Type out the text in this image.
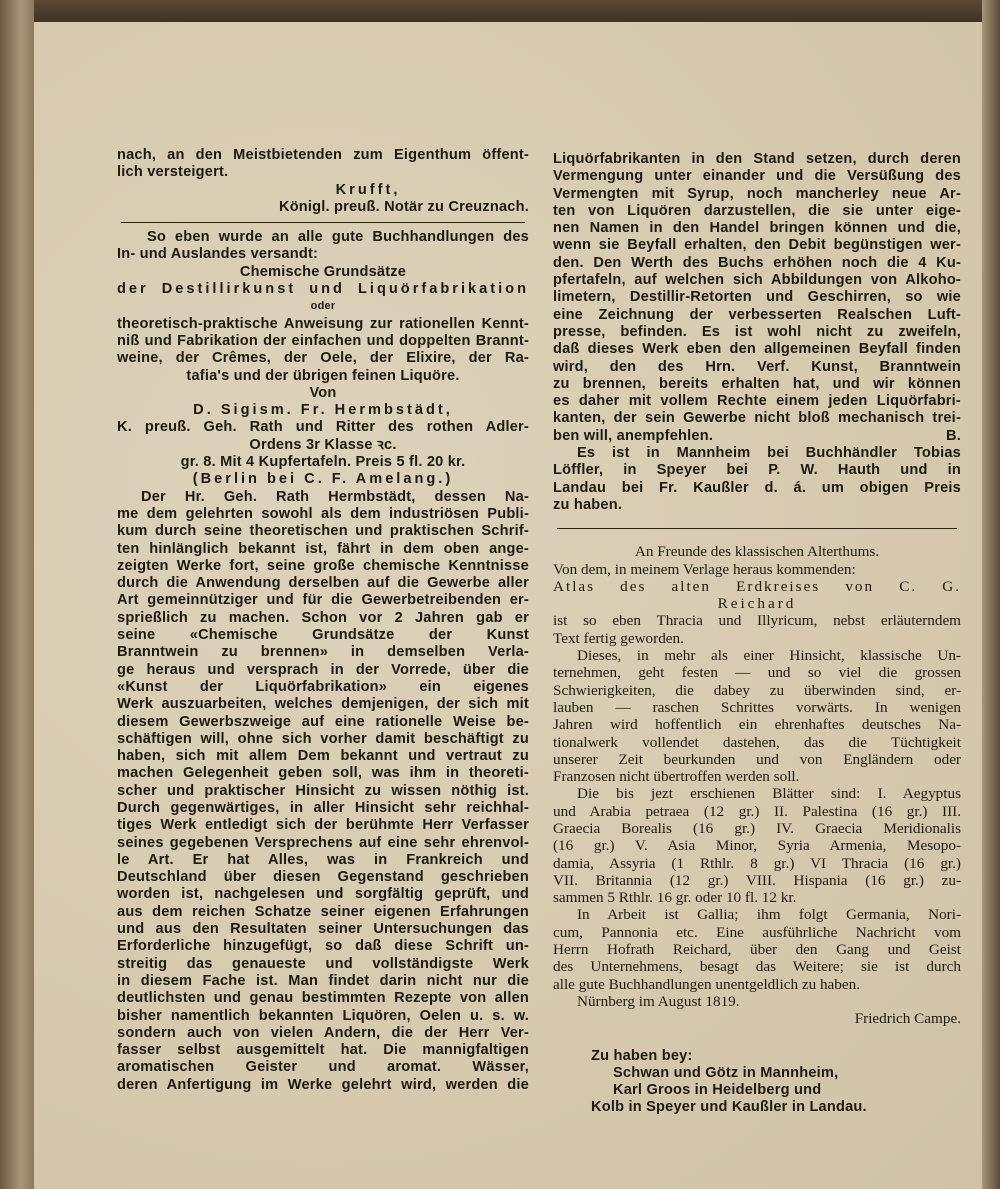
nach, an den Meistbietenden zum Eigenthum öffent-
lich versteigert.
Krufft,
Königl. preuß. Notär zu Creuznach.
So eben wurde an alle gute Buchhandlungen des
In- und Auslandes versandt:
Chemische Grundsätze
der Destillirkunst und Liquörfabrikation
oder
theoretisch-praktische Anweisung zur rationellen Kennt-
niß und Fabrikation der einfachen und doppelten Brannt-
weine, der Crêmes, der Oele, der Elixire, der Ra-
tafia's und der übrigen feinen Liquöre.
Von
D. Sigism. Fr. Hermbstädt,
K. preuß. Geh. Rath und Ritter des rothen Adler-
Ordens 3r Klasse ꝛc.
gr. 8. Mit 4 Kupfertafeln. Preis 5 fl. 20 kr.
(Berlin bei C. F. Amelang.)
Der Hr. Geh. Rath Hermbstädt, dessen Na-
me dem gelehrten sowohl als dem industriösen Publi-
kum durch seine theoretischen und praktischen Schrif-
ten hinlänglich bekannt ist, fährt in dem oben ange-
zeigten Werke fort, seine große chemische Kenntnisse
durch die Anwendung derselben auf die Gewerbe aller
Art gemeinnütziger und für die Gewerbetreibenden er-
sprießlich zu machen. Schon vor 2 Jahren gab er
seine «Chemische Grundsätze der Kunst
Branntwein zu brennen» in demselben Verla-
ge heraus und versprach in der Vorrede, über die
«Kunst der Liquörfabrikation» ein eigenes
Werk auszuarbeiten, welches demjenigen, der sich mit
diesem Gewerbszweige auf eine rationelle Weise be-
schäftigen will, ohne sich vorher damit beschäftigt zu
haben, sich mit allem Dem bekannt und vertraut zu
machen Gelegenheit geben soll, was ihm in theoreti-
scher und praktischer Hinsicht zu wissen nöthig ist.
Durch gegenwärtiges, in aller Hinsicht sehr reichhal-
tiges Werk entledigt sich der berühmte Herr Verfasser
seines gegebenen Versprechens auf eine sehr ehrenvol-
le Art. Er hat Alles, was in Frankreich und
Deutschland über diesen Gegenstand geschrieben
worden ist, nachgelesen und sorgfältig geprüft, und
aus dem reichen Schatze seiner eigenen Erfahrungen
und aus den Resultaten seiner Untersuchungen das
Erforderliche hinzugefügt, so daß diese Schrift un-
streitig das genaueste und vollständigste Werk
in diesem Fache ist. Man findet darin nicht nur die
deutlichsten und genau bestimmten Rezepte von allen
bisher namentlich bekannten Liquören, Oelen u. s. w.
sondern auch von vielen Andern, die der Herr Ver-
fasser selbst ausgemittelt hat. Die mannigfaltigen
aromatischen Geister und aromat. Wässer,
deren Anfertigung im Werke gelehrt wird, werden die
Liquörfabrikanten in den Stand setzen, durch deren
Vermengung unter einander und die Versüßung des
Vermengten mit Syrup, noch mancherley neue Ar-
ten von Liquören darzustellen, die sie unter eige-
nen Namen in den Handel bringen können und die,
wenn sie Beyfall erhalten, den Debit begünstigen wer-
den. Den Werth des Buchs erhöhen noch die 4 Ku-
pfertafeln, auf welchen sich Abbildungen von Alkoho-
limetern, Destillir-Retorten und Geschirren, so wie
eine Zeichnung der verbesserten Realschen Luft-
presse, befinden. Es ist wohl nicht zu zweifeln,
daß dieses Werk eben den allgemeinen Beyfall finden
wird, den des Hrn. Verf. Kunst, Branntwein
zu brennen, bereits erhalten hat, und wir können
es daher mit vollem Rechte einem jeden Liquörfabri-
kanten, der sein Gewerbe nicht bloß mechanisch trei-
ben will, anempfehlen.	B.
Es ist in Mannheim bei Buchhändler Tobias
Löffler, in Speyer bei P. W. Hauth und in
Landau bei Fr. Kaußler d. á. um obigen Preis
zu haben.
An Freunde des klassischen Alterthums.
Von dem, in meinem Verlage heraus kommenden:
Atlas des alten Erdkreises von C. G.
Reichard
ist so eben Thracia und Illyricum, nebst erläuterndem
Text fertig geworden.
Dieses, in mehr als einer Hinsicht, klassische Un-
ternehmen, geht festen — und so viel die grossen
Schwierigkeiten, die dabey zu überwinden sind, er-
lauben — raschen Schrittes vorwärts. In wenigen
Jahren wird hoffentlich ein ehrenhaftes deutsches Na-
tionalwerk vollendet dastehen, das die Tüchtigkeit
unserer Zeit beurkunden und von Engländern oder
Franzosen nicht übertroffen werden soll.
Die bis jezt erschienen Blätter sind: I. Aegyptus
und Arabia petraea (12 gr.) II. Palestina (16 gr.) III.
Graecia Borealis (16 gr.) IV. Graecia Meridionalis
(16 gr.) V. Asia Minor, Syria Armenia, Mesopo-
damia, Assyria (1 Rthlr. 8 gr.) VI Thracia (16 gr.)
VII. Britannia (12 gr.) VIII. Hispania (16 gr.) zu-
sammen 5 Rthlr. 16 gr. oder 10 fl. 12 kr.
In Arbeit ist Gallia; ihm folgt Germania, Nori-
cum, Pannonia etc. Eine ausführliche Nachricht vom
Herrn Hofrath Reichard, über den Gang und Geist
des Unternehmens, besagt das Weitere; sie ist durch
alle gute Buchhandlungen unentgeldlich zu haben.
Nürnberg im August 1819.
Friedrich Campe.
Zu haben bey:
Schwan und Götz in Mannheim,
Karl Groos in Heidelberg und
Kolb in Speyer und Kaußler in Landau.
